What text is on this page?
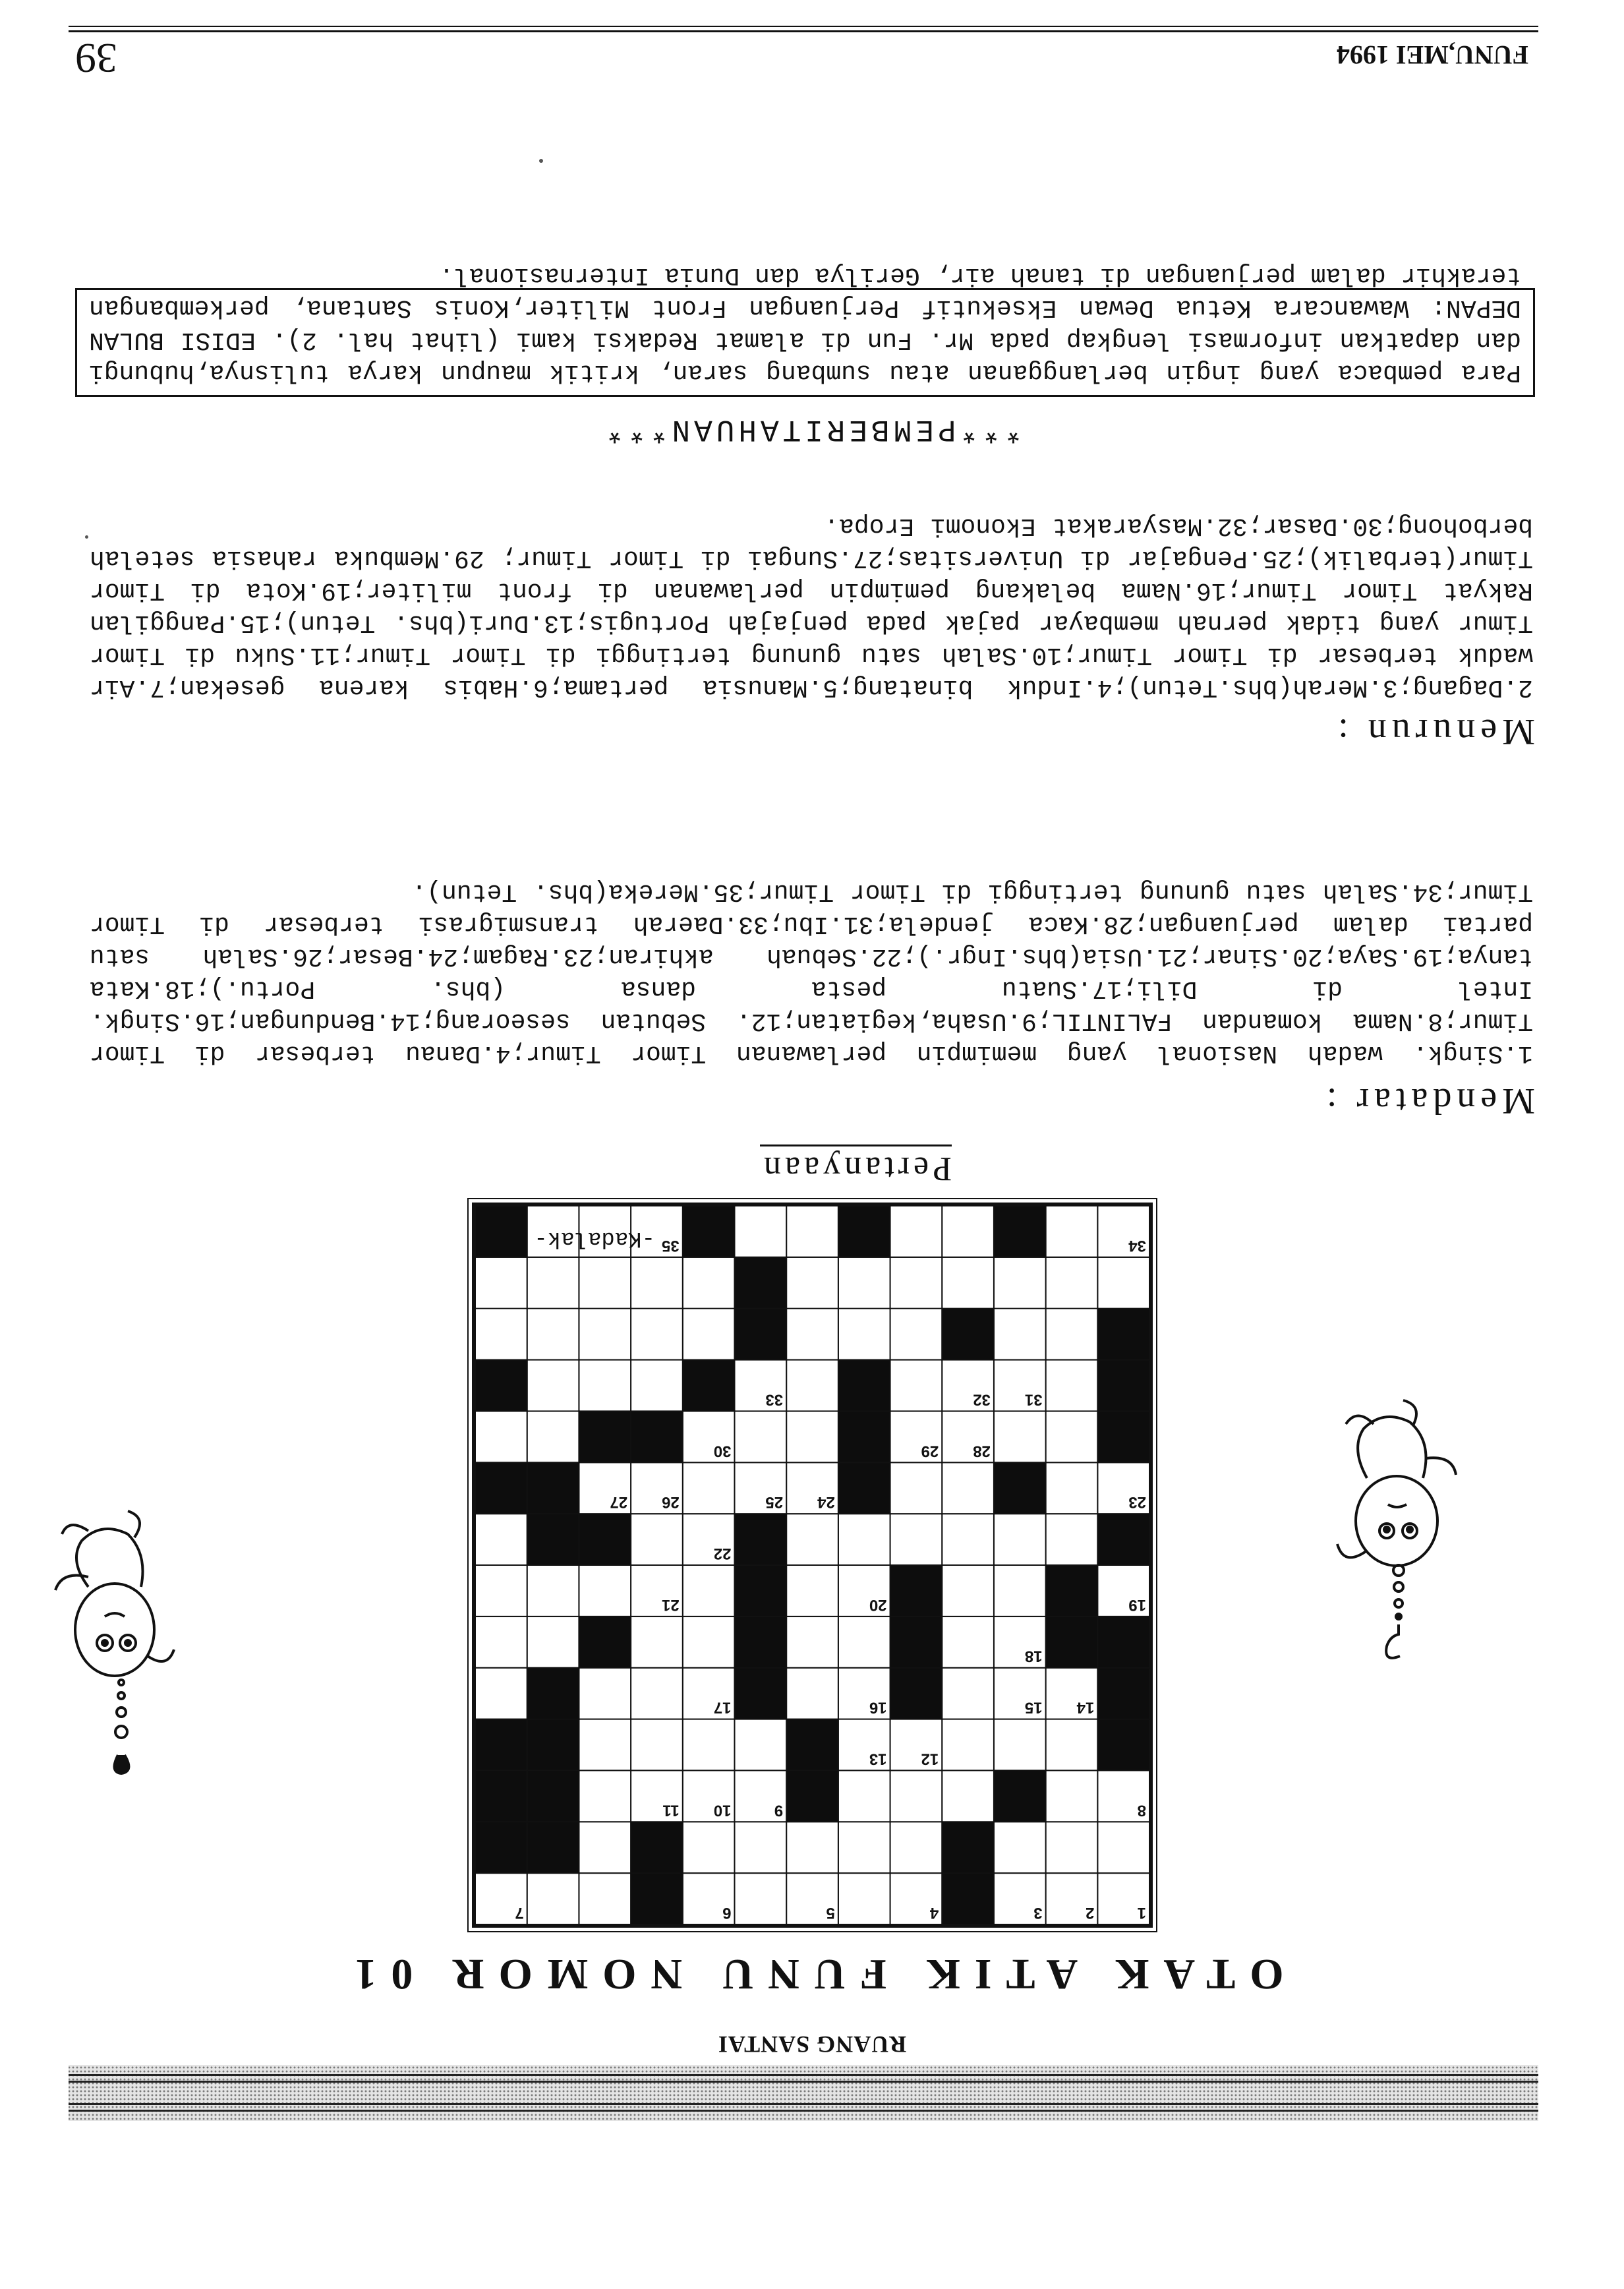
RUANG SANTAI
OTAK ATIK FUNU NOMOR 01
1
2
3
4
5
6
7
8
9
10
11
12
13
14
15
16
17
18
19
20
21
22
23
24
25
26
27
28
29
30
31
32
33
34
35
-Kadalak-
Pertanyaan
Mendatar :
1.Singk. wadah Nasional yang memimpin perlawanan Timor Timur;4.Danau terbesar di Timor Timur;8.Nama komandan FALINTIL;9.Usaha,kegiatan;12. Sebutan seseorang;14.Bendungan;16.Singk. Intel di Dili;17.Suatu pesta dansa (bhs. Portu.);18.Kata tanya;19.Saya;20.Sinar;21.Usia(bhs.Ingr.);22.Sebuah akhiran;23.Ragam;24.Besar;26.Salah satu partai dalam perjuangan;28.Kaca jendela;31.Ibu;33.Daerah transmigrasi terbesar di Timor Timur;34.Salah satu gunung tertinggi di Timor Timur;35.Mereka(bhs. Tetun).
Menurun :
2.Dagang;3.Merah(bhs.Tetun);4.Induk binatang;5.Manusia pertama;6.Habis karena gesekan;7.Air waduk terbesar di Timor Timur;10.Salah satu gunung tertinggi di Timor Timur;11.Suku di Timor Timur yang tidak pernah membayar pajak pada penjajah Portugis;13.Duri(bhs. Tetun);15.Panggilan Rakyat Timor Timur;16.Nama belakang pemimpin perlawanan di front militer;19.Kota di Timor Timur(terbalik);25.Pengajar di Universitas;27.Sungai di Timor Timur; 29.Membuka rahasia setelah berbohong;30.Dasar;32.Masyarakat Ekonomi Eropa.
***PEMBERITAHUAN***
Para pembaca yang ingin berlangganan atau sumbang saran, kritik maupun karya tulisnya,hubungi dan dapatkan informasi lengkap pada Mr. Fun di alamat Redaksi kami (lihat hal. 2). EDISI BULAN DEPAN: Wawancara Ketua Dewan Eksekutif Perjuangan Front Militer,Konis Santana, perkembangan terakhir dalam perjuangan di tanah air, Gerilya dan Dunia Internasional.
FUNU,MEI 1994
39
